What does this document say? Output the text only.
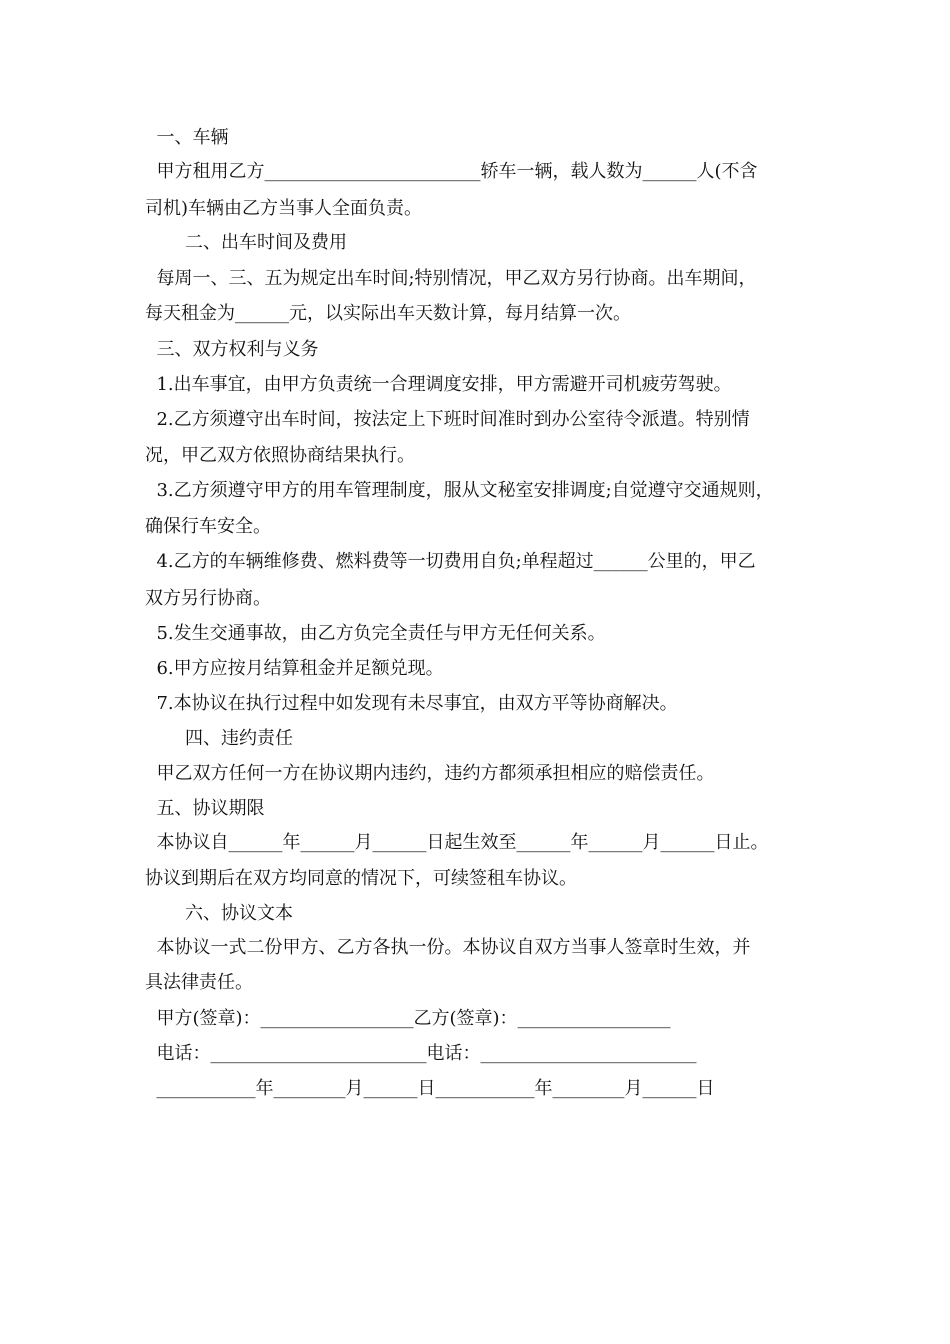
一、车辆
甲方租用乙方________________________轿车一辆，载人数为______人(不含
司机)车辆由乙方当事人全面负责。
二、出车时间及费用
每周一、三、五为规定出车时间;特别情况，甲乙双方另行协商。出车期间，
每天租金为______元，以实际出车天数计算，每月结算一次。
三、双方权利与义务
1.出车事宜，由甲方负责统一合理调度安排，甲方需避开司机疲劳驾驶。
2.乙方须遵守出车时间，按法定上下班时间准时到办公室待令派遣。特别情
况，甲乙双方依照协商结果执行。
3.乙方须遵守甲方的用车管理制度，服从文秘室安排调度;自觉遵守交通规则，
确保行车安全。
4.乙方的车辆维修费、燃料费等一切费用自负;单程超过______公里的，甲乙
双方另行协商。
5.发生交通事故，由乙方负完全责任与甲方无任何关系。
6.甲方应按月结算租金并足额兑现。
7.本协议在执行过程中如发现有未尽事宜，由双方平等协商解决。
四、违约责任
甲乙双方任何一方在协议期内违约，违约方都须承担相应的赔偿责任。
五、协议期限
本协议自______年______月______日起生效至______年______月______日止。
协议到期后在双方均同意的情况下，可续签租车协议。
六、协议文本
本协议一式二份甲方、乙方各执一份。本协议自双方当事人签章时生效，并
具法律责任。
甲方(签章)：_________________乙方(签章)：_________________
电话：________________________电话：________________________
___________年________月______日___________年________月______日
